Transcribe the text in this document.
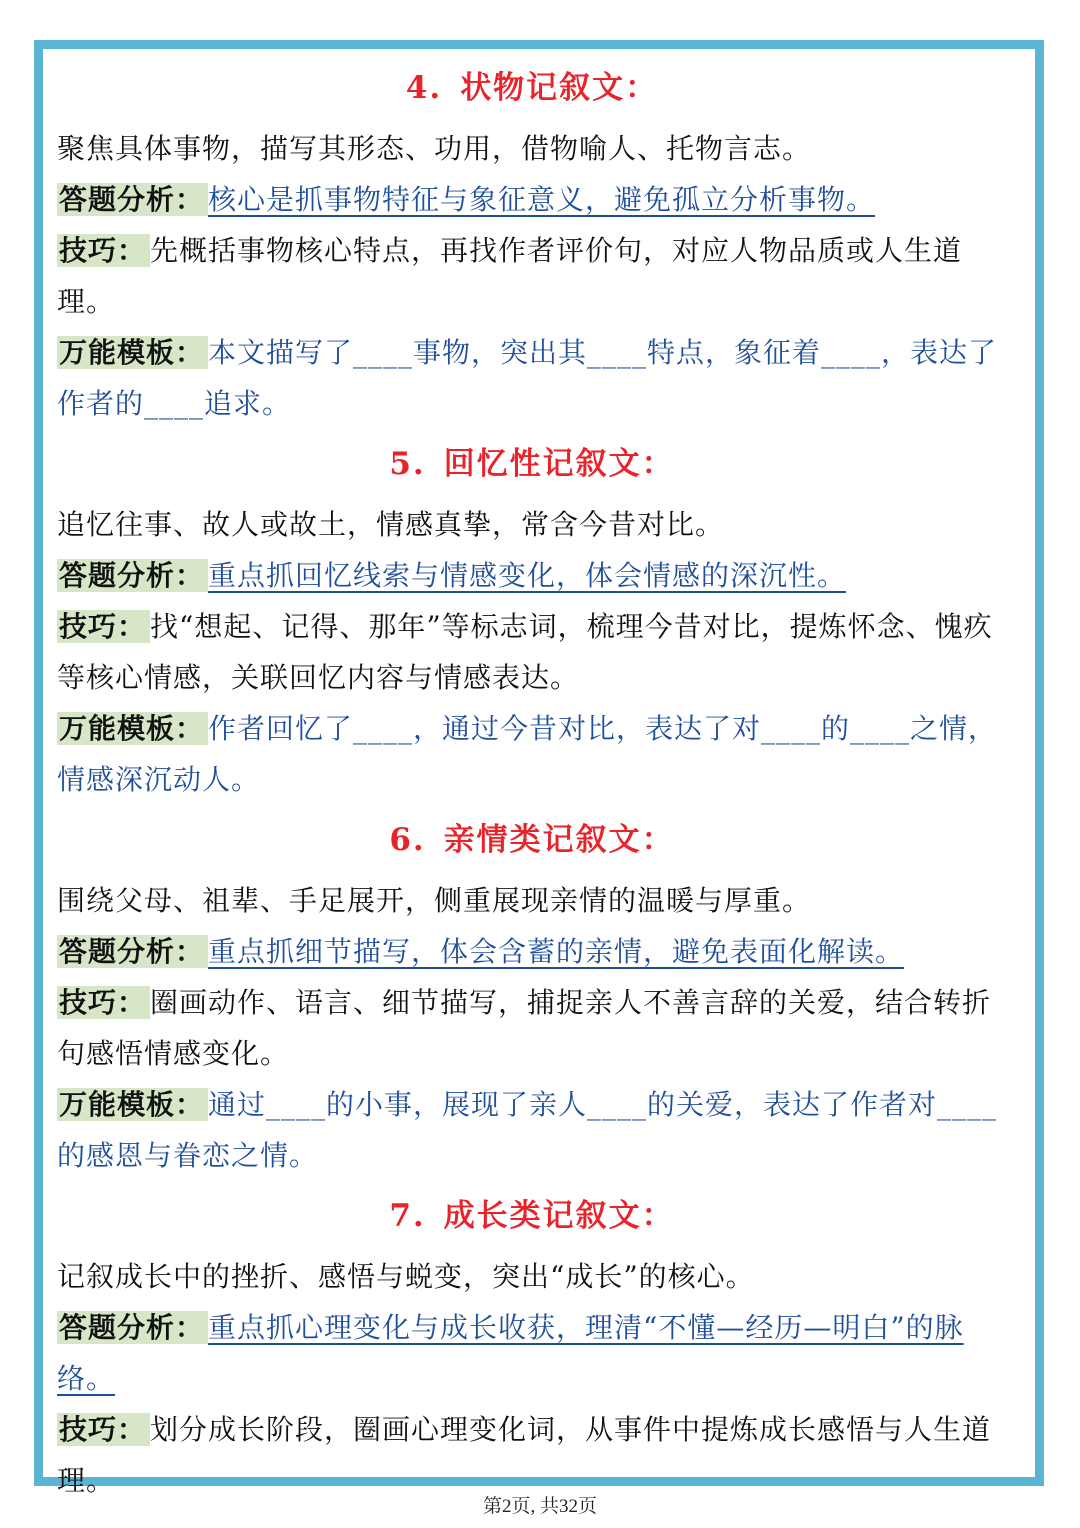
4. 状物记叙文：

聚焦具体事物，描写其形态、功用，借物喻人、托物言志。

答题分析： 核心是抓事物特征与象征意义，避免孤立分析事物。

技巧： 先概括事物核心特点，再找作者评价句，对应人物品质或人生道理。

万能模板： 本文描写了____事物，突出其____特点，象征着____，表达了作者的____追求。

5. 回忆性记叙文：

追忆往事、故人或故土，情感真挚，常含今昔对比。

答题分析： 重点抓回忆线索与情感变化，体会情感的深沉性。

技巧： 找“想起、记得、那年”等标志词，梳理今昔对比，提炼怀念、愧疚等核心情感，关联回忆内容与情感表达。

万能模板： 作者回忆了____，通过今昔对比，表达了对____的____之情，情感深沉动人。

6. 亲情类记叙文：

围绕父母、祖辈、手足展开，侧重展现亲情的温暖与厚重。

答题分析： 重点抓细节描写，体会含蓄的亲情，避免表面化解读。

技巧： 圈画动作、语言、细节描写，捕捉亲人不善言辞的关爱，结合转折句感悟情感变化。

万能模板： 通过____的小事，展现了亲人____的关爱，表达了作者对____的感恩与眷恋之情。

7. 成长类记叙文：

记叙成长中的挫折、感悟与蜕变，突出“成长”的核心。

答题分析： 重点抓心理变化与成长收获，理清“不懂—经历—明白”的脉络。

技巧： 划分成长阶段，圈画心理变化词，从事件中提炼成长感悟与人生道理。

第2页, 共32页
